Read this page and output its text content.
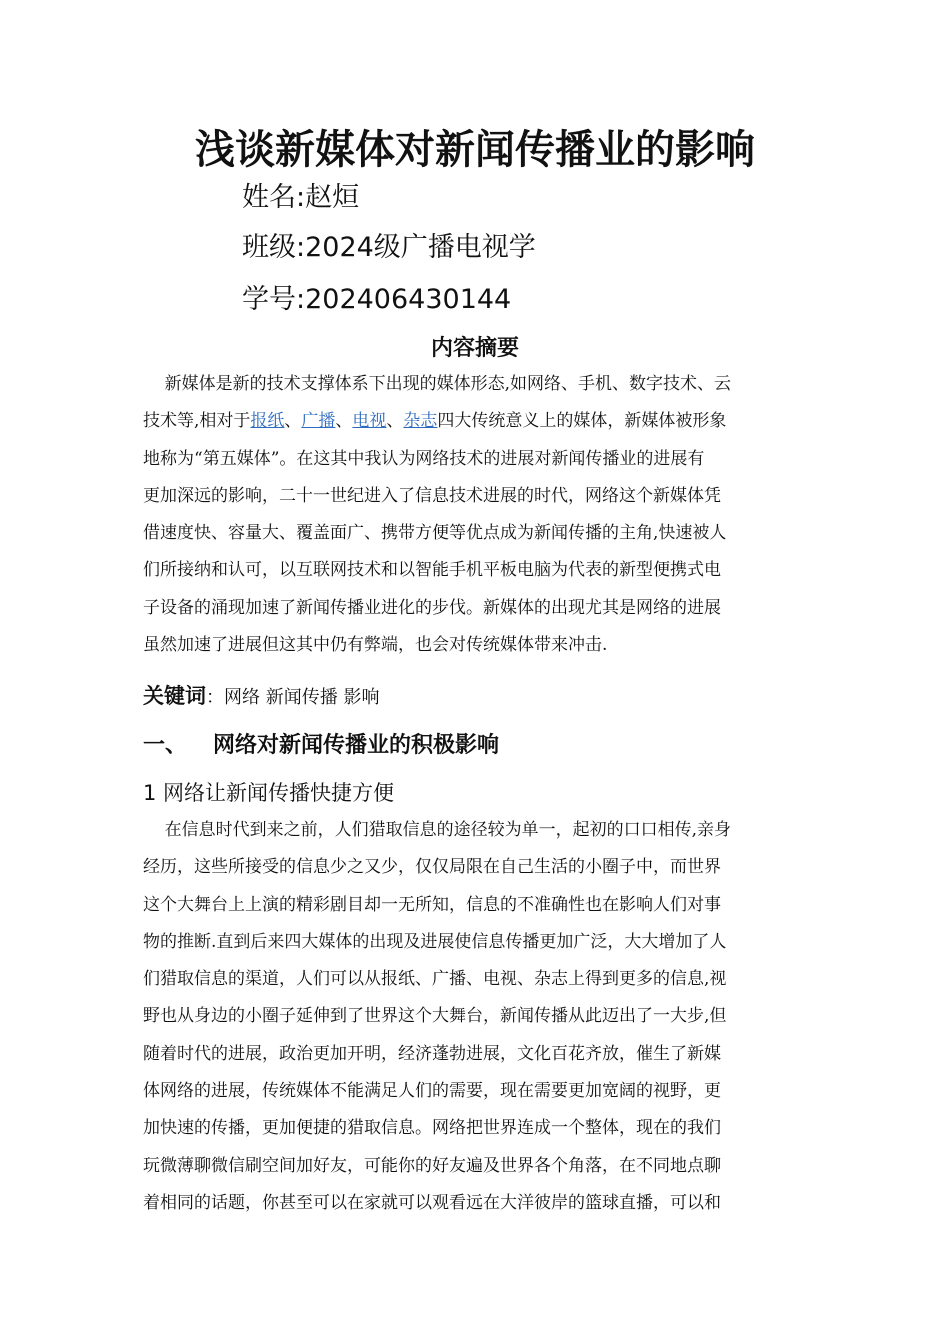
浅谈新媒体对新闻传播业的影响
姓名:赵烜
班级:2024级广播电视学
学号:202406430144
内容摘要
新媒体是新的技术支撑体系下出现的媒体形态,如网络、手机、数字技术、云
技术等,相对于报纸、广播、电视、杂志四大传统意义上的媒体，新媒体被形象
地称为“第五媒体”。在这其中我认为网络技术的进展对新闻传播业的进展有
更加深远的影响，二十一世纪进入了信息技术进展的时代，网络这个新媒体凭
借速度快、容量大、覆盖面广、携带方便等优点成为新闻传播的主角,快速被人
们所接纳和认可，以互联网技术和以智能手机平板电脑为代表的新型便携式电
子设备的涌现加速了新闻传播业进化的步伐。新媒体的出现尤其是网络的进展
虽然加速了进展但这其中仍有弊端，也会对传统媒体带来冲击.
关键词：网络 新闻传播 影响
一、 网络对新闻传播业的积极影响
1 网络让新闻传播快捷方便
在信息时代到来之前，人们猎取信息的途径较为单一，起初的口口相传,亲身
经历，这些所接受的信息少之又少，仅仅局限在自己生活的小圈子中，而世界
这个大舞台上上演的精彩剧目却一无所知，信息的不准确性也在影响人们对事
物的推断.直到后来四大媒体的出现及进展使信息传播更加广泛，大大增加了人
们猎取信息的渠道，人们可以从报纸、广播、电视、杂志上得到更多的信息,视
野也从身边的小圈子延伸到了世界这个大舞台，新闻传播从此迈出了一大步,但
随着时代的进展，政治更加开明，经济蓬勃进展，文化百花齐放，催生了新媒
体网络的进展，传统媒体不能满足人们的需要，现在需要更加宽阔的视野，更
加快速的传播，更加便捷的猎取信息。网络把世界连成一个整体，现在的我们
玩微薄聊微信刷空间加好友，可能你的好友遍及世界各个角落，在不同地点聊
着相同的话题，你甚至可以在家就可以观看远在大洋彼岸的篮球直播，可以和
